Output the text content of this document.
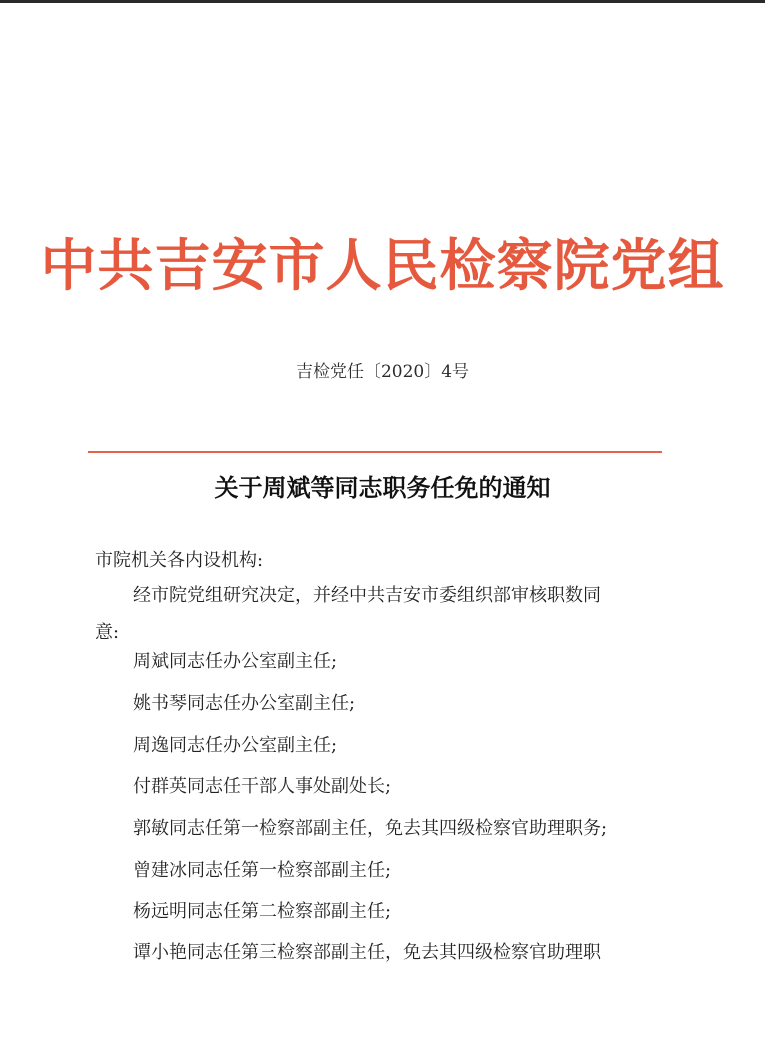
中共吉安市人民检察院党组
吉检党任〔2020〕4号
关于周斌等同志职务任免的通知
市院机关各内设机构:
经市院党组研究决定，并经中共吉安市委组织部审核职数同
意:
周斌同志任办公室副主任;
姚书琴同志任办公室副主任;
周逸同志任办公室副主任;
付群英同志任干部人事处副处长;
郭敏同志任第一检察部副主任，免去其四级检察官助理职务;
曾建冰同志任第一检察部副主任;
杨远明同志任第二检察部副主任;
谭小艳同志任第三检察部副主任，免去其四级检察官助理职
